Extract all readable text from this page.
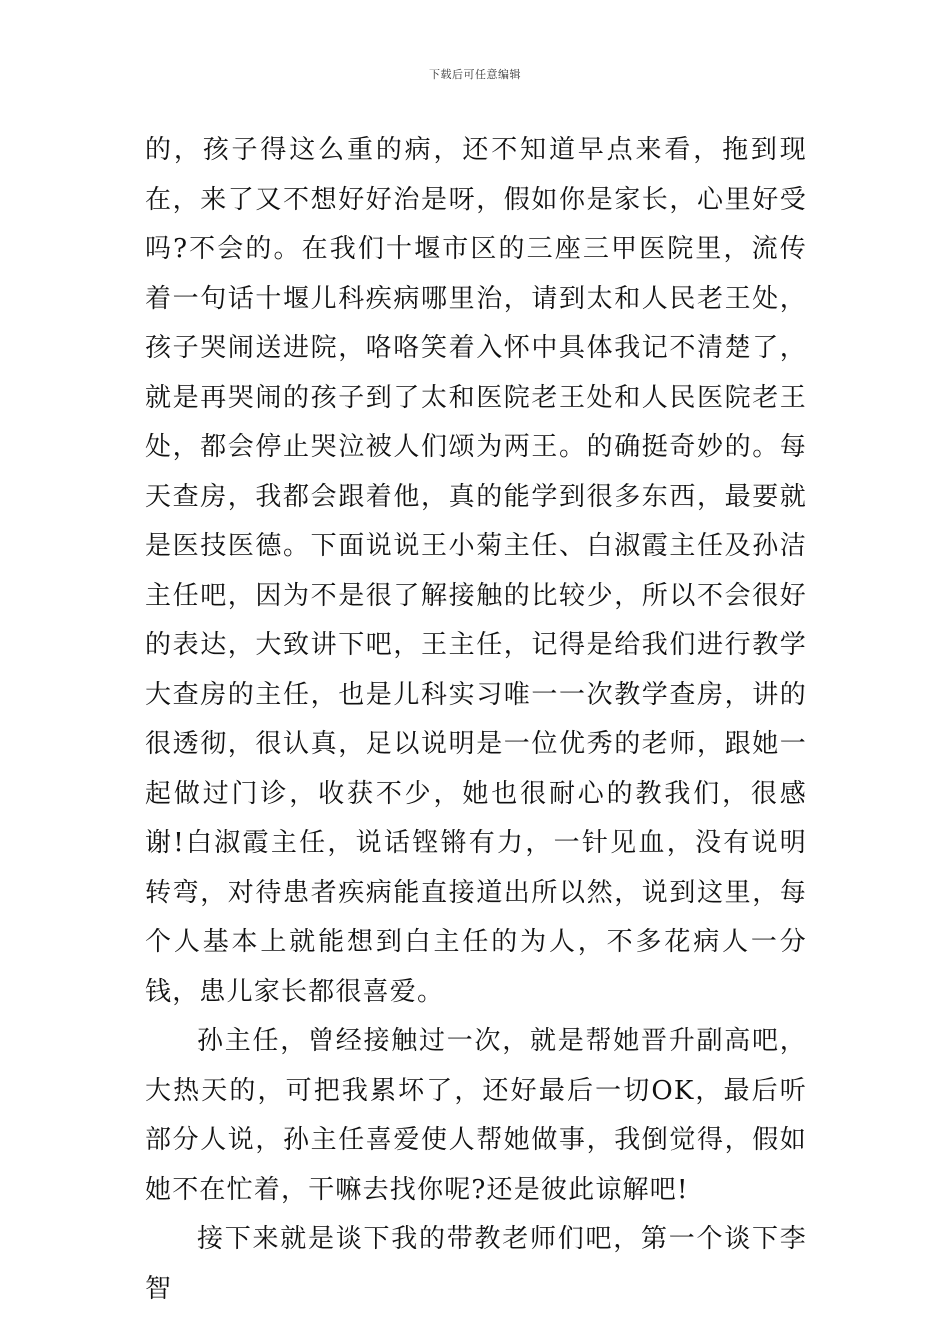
下载后可任意编辑

的，孩子得这么重的病，还不知道早点来看，拖到现在，来了又不想好好治是呀，假如你是家长，心里好受吗?不会的。在我们十堰市区的三座三甲医院里，流传着一句话十堰儿科疾病哪里治，请到太和人民老王处，孩子哭闹送进院，咯咯笑着入怀中具体我记不清楚了，就是再哭闹的孩子到了太和医院老王处和人民医院老王处，都会停止哭泣被人们颂为两王。的确挺奇妙的。每天查房，我都会跟着他，真的能学到很多东西，最要就是医技医德。下面说说王小菊主任、白淑霞主任及孙洁主任吧，因为不是很了解接触的比较少，所以不会很好的表达，大致讲下吧，王主任，记得是给我们进行教学大查房的主任，也是儿科实习唯一一次教学查房，讲的很透彻，很认真，足以说明是一位优秀的老师，跟她一起做过门诊，收获不少，她也很耐心的教我们，很感谢!白淑霞主任，说话铿锵有力，一针见血，没有说明转弯，对待患者疾病能直接道出所以然，说到这里，每个人基本上就能想到白主任的为人，不多花病人一分钱，患儿家长都很喜爱。

孙主任，曾经接触过一次，就是帮她晋升副高吧，大热天的，可把我累坏了，还好最后一切OK，最后听部分人说，孙主任喜爱使人帮她做事，我倒觉得，假如她不在忙着，干嘛去找你呢?还是彼此谅解吧!

接下来就是谈下我的带教老师们吧，第一个谈下李智
